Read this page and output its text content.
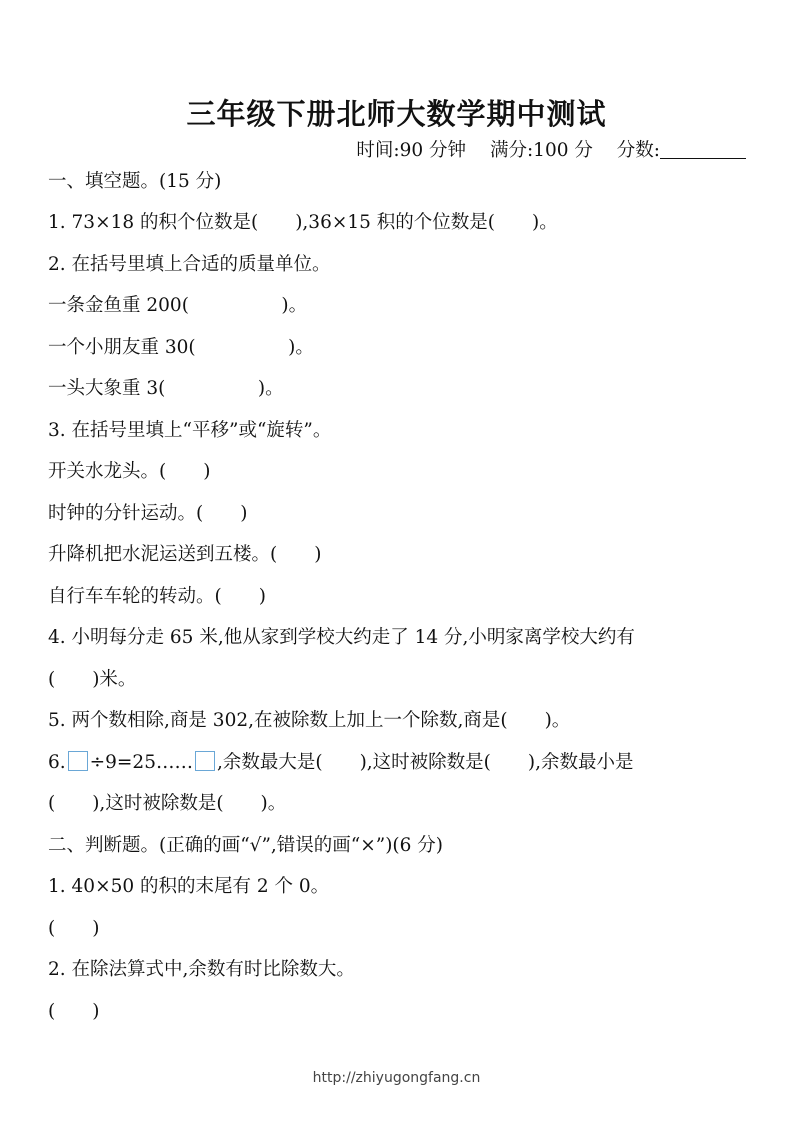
三年级下册北师大数学期中测试
时间:90 分钟 满分:100 分 分数:
一、填空题。(15 分)
1. 73×18 的积个位数是(　　),36×15 积的个位数是(　　)。
2. 在括号里填上合适的质量单位。
一条金鱼重 200(　　　　　)。
一个小朋友重 30(　　　　　)。
一头大象重 3(　　　　　)。
3. 在括号里填上“平移”或“旋转”。
开关水龙头。(　　)
时钟的分针运动。(　　)
升降机把水泥运送到五楼。(　　)
自行车车轮的转动。(　　)
4. 小明每分走 65 米,他从家到学校大约走了 14 分,小明家离学校大约有
(　　)米。
5. 两个数相除,商是 302,在被除数上加上一个除数,商是(　　)。
6. ÷9=25…… ,余数最大是(　　),这时被除数是(　　),余数最小是
(　　),这时被除数是(　　)。
二、判断题。(正确的画“√”,错误的画“×”)(6 分)
1. 40×50 的积的末尾有 2 个 0。
(　　)
2. 在除法算式中,余数有时比除数大。
(　　)
http://zhiyugongfang.cn
